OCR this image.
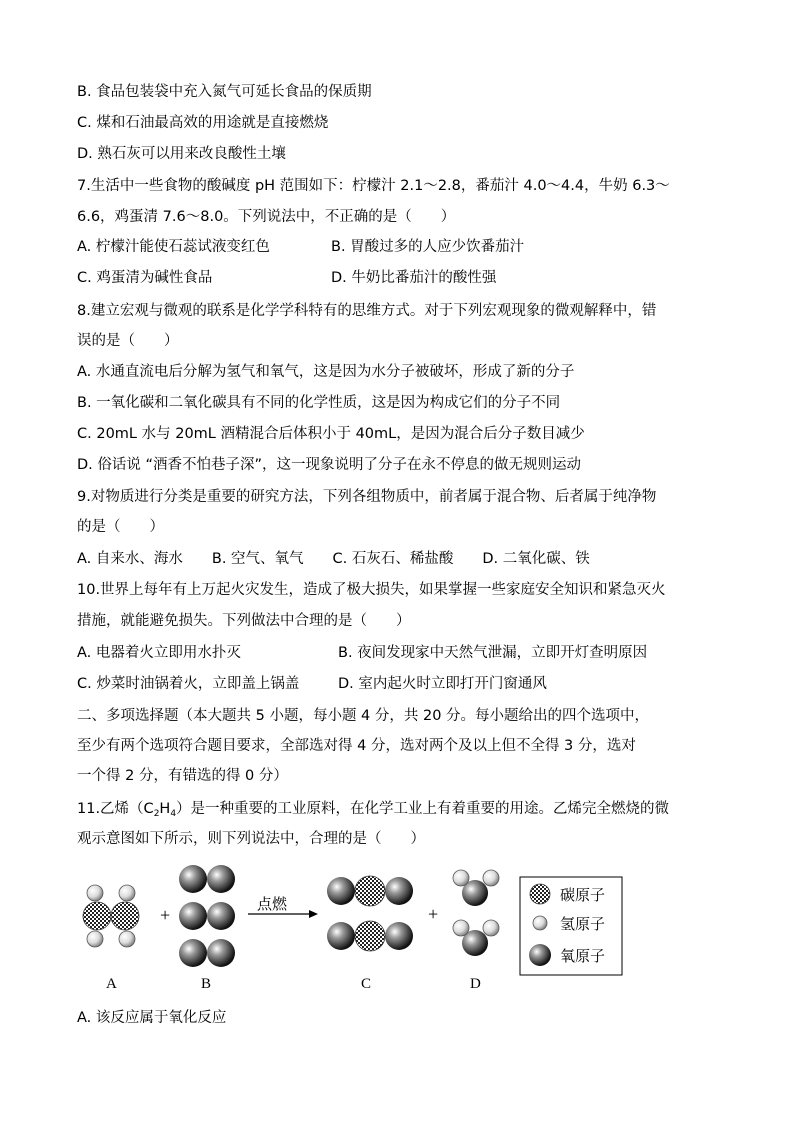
B. 食品包装袋中充入氮气可延长食品的保质期
C. 煤和石油最高效的用途就是直接燃烧
D. 熟石灰可以用来改良酸性土壤
7.生活中一些食物的酸碱度 pH 范围如下：柠檬汁 2.1～2.8，番茄汁 4.0～4.4，牛奶 6.3～
6.6，鸡蛋清 7.6～8.0。下列说法中，不正确的是（　　）
A. 柠檬汁能使石蕊试液变红色	B. 胃酸过多的人应少饮番茄汁
C. 鸡蛋清为碱性食品	D. 牛奶比番茄汁的酸性强
8.建立宏观与微观的联系是化学学科特有的思维方式。对于下列宏观现象的微观解释中，错
误的是（　　）
A. 水通直流电后分解为氢气和氧气，这是因为水分子被破坏，形成了新的分子
B. 一氧化碳和二氧化碳具有不同的化学性质，这是因为构成它们的分子不同
C. 20mL 水与 20mL 酒精混合后体积小于 40mL，是因为混合后分子数目减少
D. 俗话说 “酒香不怕巷子深”，这一现象说明了分子在永不停息的做无规则运动
9.对物质进行分类是重要的研究方法，下列各组物质中，前者属于混合物、后者属于纯净物
的是（　　）
A. 自来水、海水　　B. 空气、氧气　　C. 石灰石、稀盐酸　　D. 二氧化碳、铁
10.世界上每年有上万起火灾发生，造成了极大损失，如果掌握一些家庭安全知识和紧急灭火
措施，就能避免损失。下列做法中合理的是（　　）
A. 电器着火立即用水扑灭	B. 夜间发现家中天然气泄漏，立即开灯查明原因
C. 炒菜时油锅着火，立即盖上锅盖	D. 室内起火时立即打开门窗通风
二、多项选择题（本大题共 5 小题，每小题 4 分，共 20 分。每小题给出的四个选项中，
至少有两个选项符合题目要求，全部选对得 4 分，选对两个及以上但不全得 3 分，选对
一个得 2 分，有错选的得 0 分）
11.乙烯$(C_2H_4)$是一种重要的工业原料，在化学工业上有着重要的用途。乙烯完全燃烧的微
观示意图如下所示，则下列说法中，合理的是（　　）
+	+
点燃
A	B	C	D
碳原子
氢原子
氧原子
A. 该反应属于氧化反应
